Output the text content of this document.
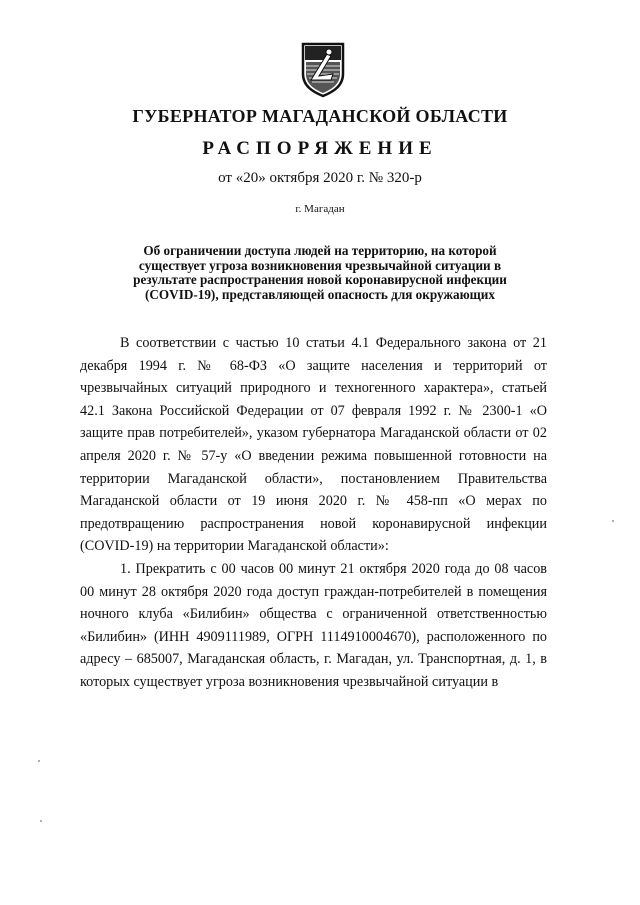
ГУБЕРНАТОР МАГАДАНСКОЙ ОБЛАСТИ
РАСПОРЯЖЕНИЕ
от «20» октября 2020 г. № 320-р
г. Магадан
Об ограничении доступа людей на территорию, на которой
существует угроза возникновения чрезвычайной ситуации в
результате распространения новой коронавирусной инфекции
(COVID-19), представляющей опасность для окружающих

В соответствии с частью 10 статьи 4.1 Федерального закона от 21 декабря 1994 г. № 68-ФЗ «О защите населения и территорий от чрезвычайных ситуаций природного и техногенного характера», статьей 42.1 Закона Российской Федерации от 07 февраля 1992 г. № 2300-1 «О защите прав потребителей», указом губернатора Магаданской области от 02 апреля 2020 г. № 57-у «О введении режима повышенной готовности на территории Магаданской области», постановлением Правительства Магаданской области от 19 июня 2020 г. № 458-пп «О мерах по предотвращению распространения новой коронавирусной инфекции (COVID-19) на территории Магаданской области»:

1. Прекратить с 00 часов 00 минут 21 октября 2020 года до 08 часов 00 минут 28 октября 2020 года доступ граждан-потребителей в помещения ночного клуба «Билибин» общества с ограниченной ответственностью «Билибин» (ИНН 4909111989, ОГРН 1114910004670), расположенного по адресу – 685007, Магаданская область, г. Магадан, ул. Транспортная, д. 1, в которых существует угроза возникновения чрезвычайной ситуации в
